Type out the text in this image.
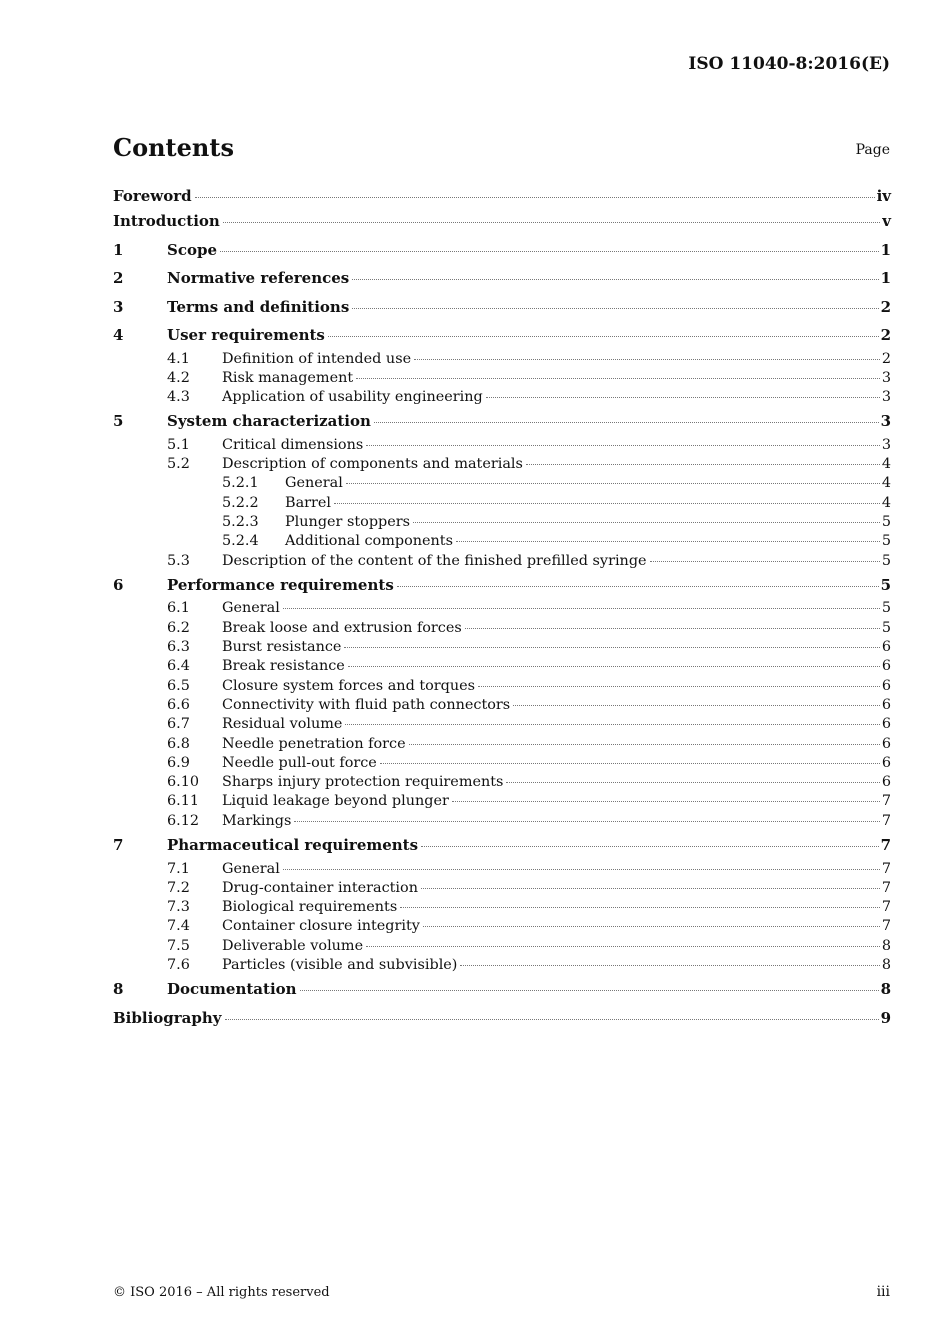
ISO 11040-8:2016(E)
Contents	Page
Foreword	iv
Introduction	v
1	Scope	1
2	Normative references	1
3	Terms and definitions	2
4	User requirements	2
4.1 Definition of intended use	2
4.2 Risk management	3
4.3 Application of usability engineering	3
5	System characterization	3
5.1 Critical dimensions	3
5.2 Description of components and materials	4
5.2.1 General	4
5.2.2 Barrel	4
5.2.3 Plunger stoppers	5
5.2.4 Additional components	5
5.3 Description of the content of the finished prefilled syringe	5
6	Performance requirements	5
6.1 General	5
6.2 Break loose and extrusion forces	5
6.3 Burst resistance	6
6.4 Break resistance	6
6.5 Closure system forces and torques	6
6.6 Connectivity with fluid path connectors	6
6.7 Residual volume	6
6.8 Needle penetration force	6
6.9 Needle pull-out force	6
6.10 Sharps injury protection requirements	6
6.11 Liquid leakage beyond plunger	7
6.12 Markings	7
7	Pharmaceutical requirements	7
7.1 General	7
7.2 Drug-container interaction	7
7.3 Biological requirements	7
7.4 Container closure integrity	7
7.5 Deliverable volume	8
7.6 Particles (visible and subvisible)	8
8	Documentation	8
Bibliography	9
© ISO 2016 – All rights reserved	iii
